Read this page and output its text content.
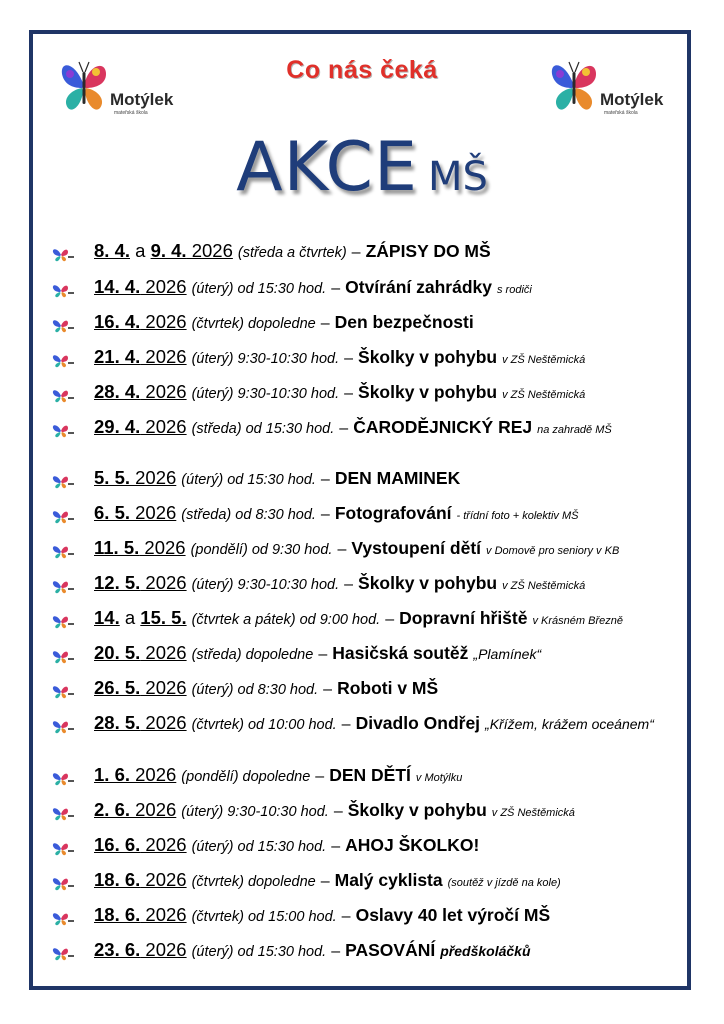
Motýlek
mateřská škola
Motýlek
mateřská škola
Co nás čeká
AKCE MŠ
8. 4. a 9. 4. 2026 (středa a čtvrtek) – ZÁPISY DO MŠ
14. 4. 2026 (úterý) od 15:30 hod. – Otvírání zahrádky s rodiči
16. 4. 2026 (čtvrtek) dopoledne – Den bezpečnosti
21. 4. 2026 (úterý) 9:30-10:30 hod. – Školky v pohybu v ZŠ Neštěmická
28. 4. 2026 (úterý) 9:30-10:30 hod. – Školky v pohybu v ZŠ Neštěmická
29. 4. 2026 (středa) od 15:30 hod. – ČARODĚJNICKÝ REJ na zahradě MŠ
5. 5. 2026 (úterý) od 15:30 hod. – DEN MAMINEK
6. 5. 2026 (středa) od 8:30 hod. – Fotografování - třídní foto + kolektiv MŠ
11. 5. 2026 (pondělí) od 9:30 hod. – Vystoupení dětí v Domově pro seniory v KB
12. 5. 2026 (úterý) 9:30-10:30 hod. – Školky v pohybu v ZŠ Neštěmická
14. a 15. 5. (čtvrtek a pátek) od 9:00 hod. – Dopravní hřiště v Krásném Březně
20. 5. 2026 (středa) dopoledne – Hasičská soutěž „Plamínek“
26. 5. 2026 (úterý) od 8:30 hod. – Roboti v MŠ
28. 5. 2026 (čtvrtek) od 10:00 hod. – Divadlo Ondřej „Křížem, krážem oceánem“
1. 6. 2026 (pondělí) dopoledne – DEN DĚTÍ v Motýlku
2. 6. 2026 (úterý) 9:30-10:30 hod. – Školky v pohybu v ZŠ Neštěmická
16. 6. 2026 (úterý) od 15:30 hod. – AHOJ ŠKOLKO!
18. 6. 2026 (čtvrtek) dopoledne – Malý cyklista (soutěž v jízdě na kole)
18. 6. 2026 (čtvrtek) od 15:00 hod. – Oslavy 40 let výročí MŠ
23. 6. 2026 (úterý) od 15:30 hod. – PASOVÁNÍ předškoláčků
